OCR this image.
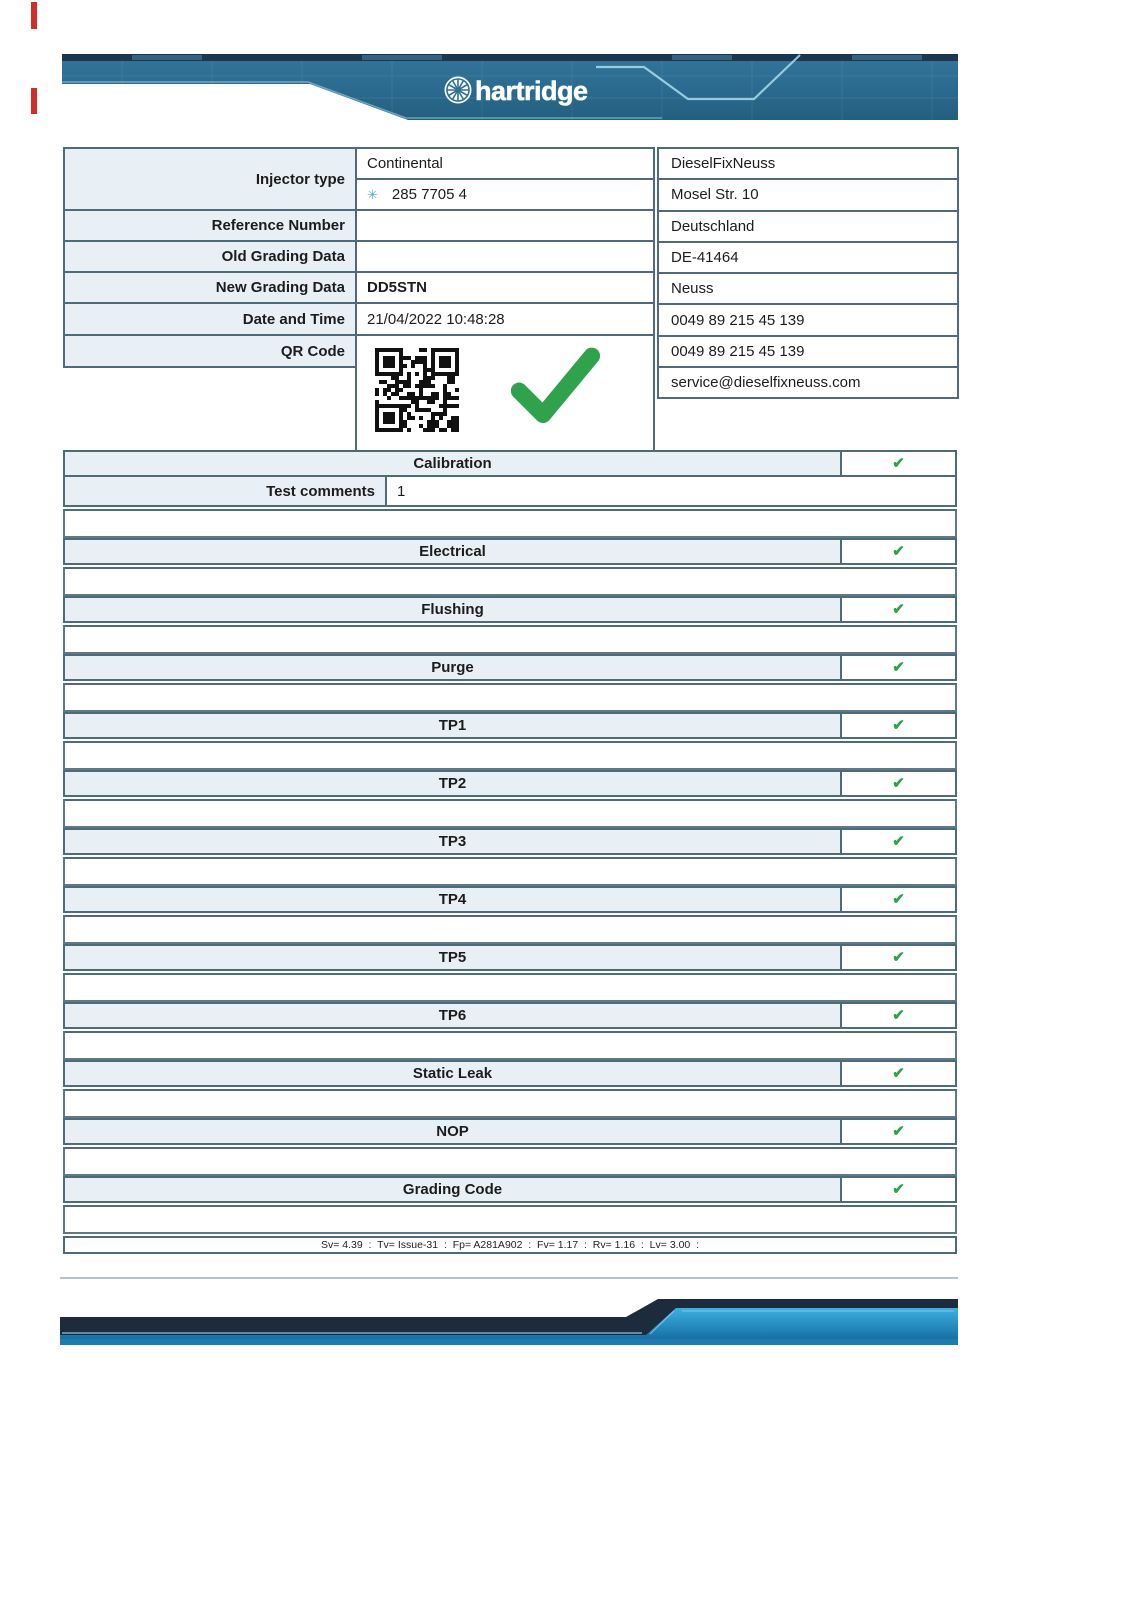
hartridge
Injector type	Continental
	✳ 285 7705 4
Reference Number	
Old Grading Data	
New Grading Data	DD5STN
Date and Time	21/04/2022 10:48:28
QR Code	

DieselFixNeuss
Mosel Str. 10
Deutschland
DE-41464
Neuss
0049 89 215 45 139
0049 89 215 45 139
service@dieselfixneuss.com
Calibration	✔
Test comments	1
Electrical	✔
Flushing	✔
Purge	✔
TP1	✔
TP2	✔
TP3	✔
TP4	✔
TP5	✔
TP6	✔
Static Leak	✔
NOP	✔
Grading Code	✔
Sv= 4.39  :  Tv= Issue-31  :  Fp= A281A902  :  Fv= 1.17  :  Rv= 1.16  :  Lv= 3.00  :
